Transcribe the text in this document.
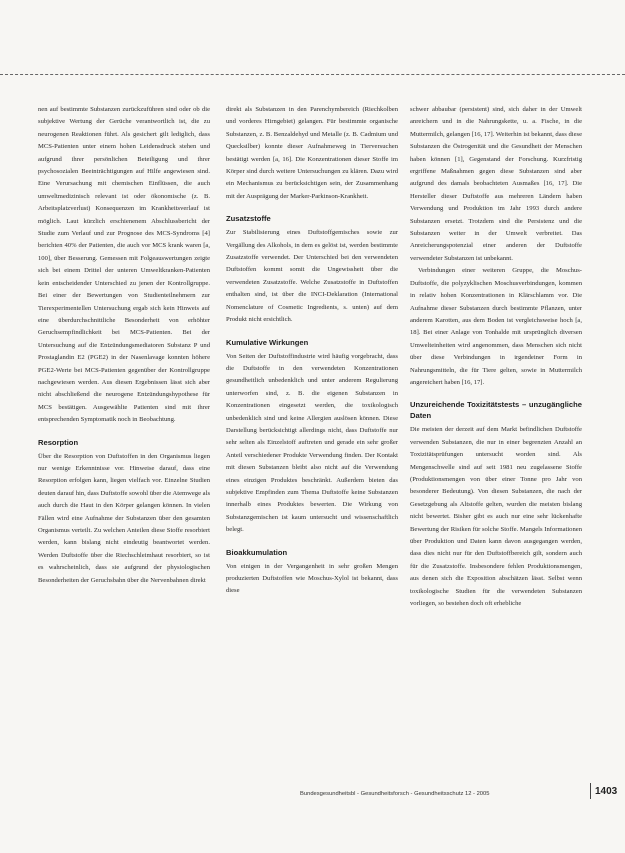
nen auf bestimmte Substanzen zurückzuführen sind oder ob die subjektive Wertung der Gerüche verantwortlich ist, die zu neurogenen Reaktionen führt. Als gesichert gilt lediglich, dass MCS-Patienten unter einem hohen Leidensdruck stehen und aufgrund ihrer persönlichen Beteiligung und ihrer psychosozialen Beeinträchtigungen auf Hilfe angewiesen sind. Eine Verursachung mit chemischen Einflüssen, die auch umweltmedizinisch relevant ist oder ökonomische (z. B. Arbeitsplatzverlust) Konsequenzen im Krankheitsverlauf ist möglich. Laut kürzlich erschienenem Abschlussbericht der Studie zum Verlauf und zur Prognose des MCS-Syndroms [4] berichten 40% der Patienten, die auch vor MCS krank waren [a, 100], über Besserung. Gemessen mit Folgeauswertungen zeigte sich bei einem Drittel der unteren Umweltkranken-Patienten kein entscheidender Unterschied zu jenen der Kontrollgruppe. Bei einer der Bewertungen von Studienteilnehmern zur Tierexperimentellen Untersuchung ergab sich kein Hinweis auf eine überdurchschnittliche Besonderheit von erhöhter Geruchsempfindlichkeit bei MCS-Patienten. Bei der Untersuchung auf die Entzündungsmediatoren Substanz P und Prostaglandin E2 (PGE2) in der Nasenlavage konnten höhere PGE2-Werte bei MCS-Patienten gegenüber der Kontrollgruppe nachgewiesen werden. Aus diesen Ergebnissen lässt sich aber nicht abschließend die neurogene Entzündungshypothese für MCS bestätigen. Ausgewählte Patienten sind mit ihrer entsprechenden Symptomatik noch in Beobachtung.

Resorption

Über die Resorption von Duftstoffen in den Organismus liegen nur wenige Erkenntnisse vor. Hinweise darauf, dass eine Resorption erfolgen kann, liegen vielfach vor. Einzelne Studien deuten darauf hin, dass Duftstoffe sowohl über die Atemwege als auch durch die Haut in den Körper gelangen können. In vielen Fällen wird eine Aufnahme der Substanzen über den gesamten Organismus verteilt. Zu welchen Anteilen diese Stoffe resorbiert werden, kann bislang nicht eindeutig beantwortet werden. Werden Duftstoffe über die Riechschleimhaut resorbiert, so ist es wahrscheinlich, dass sie aufgrund der physiologischen Besonderheiten der Geruchsbahn über die Nervenbahnen direkt

direkt als Substanzen in den Parenchymbereich (Riechkolben und vorderes Hirngebiet) gelangen. Für bestimmte organische Substanzen, z. B. Benzaldehyd und Metalle (z. B. Cadmium und Quecksilber) konnte dieser Aufnahmeweg in Tierversuchen bestätigt werden [a, 16]. Die Konzentrationen dieser Stoffe im Körper sind durch weitere Untersuchungen zu klären. Dazu wird ein Mechanismus zu berücksichtigen sein, der Zusammenhang mit der Ausprägung der Marker-Parkinson-Krankheit.

Zusatzstoffe

Zur Stabilisierung eines Duftstoffgemisches sowie zur Vergällung des Alkohols, in dem es gelöst ist, werden bestimmte Zusatzstoffe verwendet. Der Unterschied bei den verwendeten Duftstoffen kommt somit die Ungewissheit über die verwendeten Zusatzstoffe. Welche Zusatzstoffe in Duftstoffen enthalten sind, ist über die INCI-Deklaration (International Nomenclature of Cosmetic Ingredients, s. unten) auf dem Produkt nicht ersichtlich.

Kumulative Wirkungen

Von Seiten der Duftstoffindustrie wird häufig vorgebracht, dass die Duftstoffe in den verwendeten Konzentrationen gesundheitlich unbedenklich und unter anderem Regulierung unterworfen sind, z. B. die eigenen Substanzen in Konzentrationen eingesetzt werden, die toxikologisch unbedenklich sind und keine Allergien auslösen können. Diese Darstellung berücksichtigt allerdings nicht, dass Duftstoffe nur sehr selten als Einzelstoff auftreten und gerade ein sehr großer Anteil verschiedener Produkte Verwendung finden. Der Kontakt mit diesen Substanzen bleibt also nicht auf die Verwendung eines einzigen Produktes beschränkt. Außerdem bieten das subjektive Empfinden zum Thema Duftstoffe keine Substanzen innerhalb eines Produktes bewerten. Die Wirkung von Substanzgemischen ist kaum untersucht und wissenschaftlich belegt.

Bioakkumulation

Von einigen in der Vergangenheit in sehr großen Mengen produzierten Duftstoffen wie Moschus-Xylol ist bekannt, dass diese

schwer abbaubar (persistent) sind, sich daher in der Umwelt anreichern und in die Nahrungskette, u. a. Fische, in die Muttermilch, gelangen [16, 17]. Weiterhin ist bekannt, dass diese Substanzen die Östrogenität und die Gesundheit der Menschen haben können [1], Gegenstand der Forschung. Kurzfristig ergriffene Maßnahmen gegen diese Substanzen sind aber aufgrund des damals beobachteten Ausmaßes [16, 17]. Die Hersteller dieser Duftstoffe aus mehreren Ländern haben Verwendung und Produktion im Jahr 1993 durch andere Substanzen ersetzt. Trotzdem sind die Persistenz und die Substanzen weiter in der Umwelt verbreitet. Das Anreicherungspotenzial einer anderen der Duftstoffe verwendeter Substanzen ist unbekannt.

Verbindungen einer weiteren Gruppe, die Moschus-Duftstoffe, die polyzyklischen Moschusverbindungen, kommen in relativ hohen Konzentrationen in Klärschlamm vor. Die Aufnahme dieser Substanzen durch bestimmte Pflanzen, unter anderem Karotten, aus dem Boden ist vergleichsweise hoch [a, 18]. Bei einer Anlage von Tonhalde mit ursprünglich diversen Umwelteinheiten wird angenommen, dass Menschen sich nicht über diese Verbindungen in irgendeiner Form in Nahrungsmitteln, die für Tiere gelten, sowie in Muttermilch angereichert haben [16, 17].

Unzureichende Toxizitätstests – unzugängliche Daten

Die meisten der derzeit auf dem Markt befindlichen Duftstoffe verwenden Substanzen, die nur in einer begrenzten Anzahl an Toxizitätsprüfungen untersucht worden sind. Als Mengenschwelle sind auf seit 1981 neu zugelassene Stoffe (Produktionsmengen von über einer Tonne pro Jahr von besonderer Bedeutung). Von diesen Substanzen, die nach der Gesetzgebung als Altstoffe gelten, wurden die meisten bislang nicht bewertet. Bisher gibt es auch nur eine sehr lückenhafte Bewertung der Risiken für solche Stoffe. Mangels Informationen über Produktion und Daten kann davon ausgegangen werden, dass dies nicht nur für den Duftstoffbereich gilt, sondern auch für die Zusatzstoffe. Insbesondere fehlen Produktionsmengen, aus denen sich die Exposition abschätzen lässt. Selbst wenn toxikologische Studien für die verwendeten Substanzen vorliegen, so bestehen doch oft erhebliche

Bundesgesundheitsbl - Gesundheitsforsch - Gesundheitsschutz 12 - 2005	1403
